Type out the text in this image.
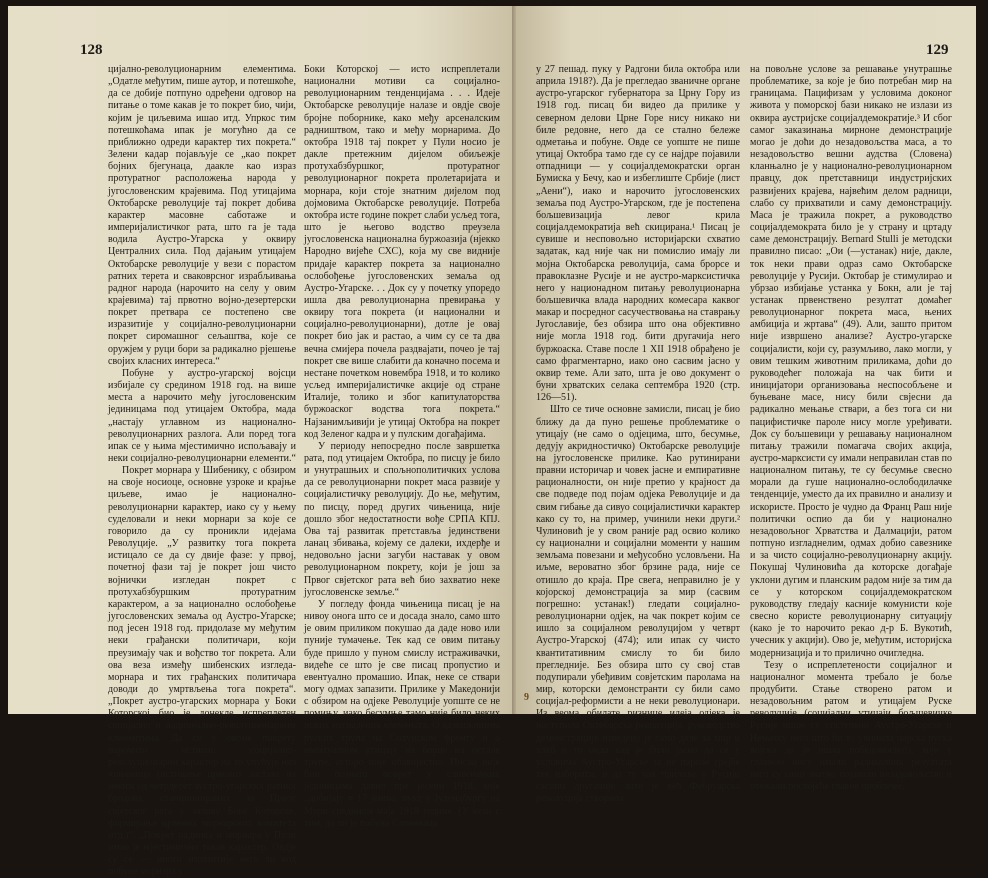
128

цијално-револуционарним елементима. „Одатле међутим, пише аутор, и потешкоће, да се добије потпуно одређени одговор на питање о томе какав је то покрет био, чији, којим је циљевима ишао итд. Упркос тим потешкоћама ипак је могућно да се приближно одреди карактер тих покрета.“ Зелени кадар појављује се „као покрет бојних бјегунаца, даакле као израз протуратног расположења народа у југословенским крајевима. Под утицајима Октобарске револуције тај покрет добива карактер масовне саботаже и империјалистичког рата, што га је тада водила Аустро-Угарска у оквиру Централних сила. Под дајањим утицајем Октобарске револуције у вези с порастом ратних терета и сваковрсног израбљивања радног народа (нарочито на селу у овим крајевима) тај првотно војно-дезертерски покрет претвара се постепено све изразитије у социјално-револуционарни покрет сиромашног сељаштва, које се оружјем у руци бори за радикално рјешење својих класних интереса.“

Побуне у аустро-угарској војсци избијале су средином 1918 год. на више места а нарочито међу југословенским јединицама под утицајем Октобра, мада „настају углавном из национално-револуционарних разлога. Али поред тога ипак се у њима мјестимично испољавају и неки социјално-револуционарни елементи.“

Покрет морнара у Шибенику, с обзиром на своје носиоце, основне узроке и крајње циљеве, имао је национално-револуционарни карактер, иако су у њему суделовали и неки морнари за које се говорило да су проникли идејама Револуције. „У развитку тога покрета истицало се да су двије фазе: у првој, почетној фази тај је покрет још чисто војнички изгледан покрет с протухабзбуршким протуратним карактером, а за национално ослобођење југословенских земаља од Аустро-Угарске; под јесен 1918 год. придолазе му међутим неки грађански политичари, који преузимају чак и вођство тог покрета. Али ова веза између шибенских изгледа-морнара и тих грађанских политичара доводи до умртвљења тога покрета“. „Покрет аустро-угарских морнара у Боки Которској био је донекле испреплетен социјално и национално-револуционарним елементима. Да се у овоме покрету нарочито истицао социјално-револуционарни карактер на то упућује низ чињеница (истицање црвених застава на неким од четрдесет аустро-угарских ратних бродова, станционираних за Првог свјетског рата у заливу Боке Которске, формирање црвених морнарских комитета итд.)“. „Покрет радника и морнара у Пули имао је мјестимично такав карактер. Овдје су се — много изразитије него ли код побуне морнара у

Боки Которској — исто испреплетали национални мотиви са социјално-револуционарним тенденцијама . . . Идеје Октобарске револуције налазе и овдје своје бројне поборнике, како међу арсеналским радништвом, тако и међу морнарима. До октобра 1918 тај покрет у Пули носио је даклe претежним дијелом обиљежје протухабзбуршког, протуратног револуционарног покрета пролетаријата и морнара, који стоје знатним дијелом под дојмовима Октобарске револуције. Потреба октобра исте године покрет слаби усљед тога, што је његово водство преузела југословенска национална буржоазија (нјекко Народно вијеће СХС), која му све видније придаје карактер покрета за национално ослобођење југословенских земаља од Аустро-Угарске. . . Док су у почетку упоредо ишла два револуционарна превирања у оквиру тога покрета (и национални и социјално-револуционарни), дотле је овај покрет био јак и растао, а чим су се та два вечна смијера почела раздвајати, почео је тај покрет све више слабити да коначно посема и нестане почетком новембра 1918, и то колико усљед империјалистичке акције од стране Италије, толико и због капитулаторства буржоаског водства тога покрета.“ Најзанимљивији је утицај Октобра на покрет код Зеленог кадра и у пулским догађајима.

У периоду непосредно после завршетка рата, под утицајем Октобра, по писцу је било и унутрашњих и спољнополитичких услова да се револуционарни покрет маса развије у социјалистичку револуцију. До ње, међутим, по писцу, поред других чињеница, није дошло због недостатности вође СРПА КПЈ. Ова тај развитак претставља јединствени ланац збивања, којему се далеки, ихдерђе и недовољно јасни загуби наставак у овом револуционарном покрету, који је још за Првог свјетског рата већ био захватио неке југословенске земље.“

У погледу фонда чињеница писац је на нивоу онога што се и досада знало, само што је овим приликом покушао да даде ново или пуније тумачење. Тек кад се овим питању буде пришло у пуном смислу истраживачки, видеће се што је све писац пропустио и евентуално промашио. Ипак, неке се ствари могу одмах запазити. Прилике у Македонији с обзиром на одјеке Револуције уопште се не помињу, иако бесумње тамо није било неких нових нагнадених елемената. О одзвињинима руских трупа на Солунском фронту и о евентуалном утицају на борце на остале трупе, ауторо није обавијестио. Писац није био познато поврет у словеначких јединицама давно пре јесени 1918, које „добијају ≡ 17 јенша, пуку у Јудендбургу на Мури средином маја 1918 године. (У вези с тим, да ли је побуна Словенаца

129

у 27 пешад. пуку у Радгони била октобра или априла 1918?). Да је прегледао званичне органе аустро-угарског губернатора за Црну Гору из 1918 год. писац би видео да прилике у северном делови Црне Горе нису никако ни биле редовне, него да се стално бележе одметања и побуне. Овде се уопште не пише утицај Октобра тамо где су се најдре појавили отпадници — у социјалдемократски орган Бумиска у Бечу, као и избеглиште Србије (лист „Аени“), иако и нарочито југословенских земаља под Аустро-Угарском, где је постепена бољшевизација левог крила социјалдемократија већ скицирана.¹ Писац је сувише и несповољно историјарски схватио задатак, кад није чак ни помислио имају ли мојна Октобарска револуција, сама брорсе и правоклазне Русије и не аустро-марксистичка него у национадном питању револуционарна бољшевичка влада народних комесара каквог макар и посредног сасучествовања на ставрању Југославије, без обзира што она објективно није могла 1918 год. бити другачија него буржоаска. Ставе после 1 XII 1918 обрађено је само фрагментарно, иако оно сасвим јасно у оквир теме. Али зато, шта је ово документ о буни хрватских селака септембра 1920 (стр. 126—51).

Што се тиче основне замисли, писац је био ближу да да пуно решење проблематике о утицају (не само о одјецима, што, бесумње, дедују акридностичко) Октобарске револуције на југословенске прилике. Као рутинирани правни историчар и човек јасне и емпиративне рационалности, он није претио у крајност да све подведе под појам одјека Револуције и да свим гибање да сивуо социјалистички карактер како су то, на пример, учинили неки други.² Чулиновић је у свом раније рад освио колико су национални и социјални моменти у нашим земљама повезани и међусобно условљени. На иљме, вероватно због брзине рада, није се отишло до краја. Пре свега, неправилно је у којорској демонстрација за мир (сасвим погрешно: устанак!) гледати социјално-револуционарни одјек, на чак покрет којим се ишло за социјалном револуцијом у четврт Аустро-Угарској (474); или ипак су чисто квантитативним смислу то би било прегледније. Без обзира што су свој став подупирали убеђивим совјетским паролама на мир, которски демонстранти су били само социјал-реформисти а не неки револуционари. Из веома обилате ризнице идеја одјека је наступила Октобарска револуција, руководство демонстрације изведено је само деле за мир и хлеб и то онда кад је било јасно да се у условима Аустро-Угарске за не пароле грејбе тек изборити, и да ту чак прилике у Русији сасвим другачије, што је већ Фебруарска револуција створила

на повољне услове за решавање унутрашње проблематике, за које је био потребан мир на границама. Пацифизам у условима доконог живота у поморској бази никако не излази из оквира аустријске социјалдемократије.³ И сбог самог заказинања мирнoне демонстрације могао је доћи до незадовољства маса, а то незадовољство вешни аудства (Словена) кланњално је у национално-револуционарном правцу, док претставници индустријских развијених крајева, највећим делом радници, слабо су прихватили и саму демонстрацију. Маса је тражила покрет, а руководство социјалдемократа било је у страну и цртаду саме демонстрацију. Bernard Stulli је методски правилно писао: „Ои (—устанак) није, дакле, ток неки прави одраз само Октобарске револуције у Русији. Октобар је стимулирао и убрзао избијање устанка у Бокн, али је тај устанак првенствено резултат домаћег револуционарног покрета маса, њених амбиција и жртава“ (49). Али, зашто притом није извршено анализе? Аустро-угарскe социјалисти, који су, разумљиво, лако могли, у овим тешким животним приликама, доћи до руководећег положаја на чак бити и иницијатори организовања неспособљене и буњеване масе, нису били свјесни да радикално мењање ствари, а без тога си ни пацифистичке пароле нису могле уређивати. Док су бољшевици у решавању националном питању тражили помагача своjих акција, аустро-марксисти су имали неправилан став по националном питању, те су бесумње свесно морали да гуше национално-ослободилачке тенденције, уместо да их правилно и анализу и искористе. Просто је чудно да Франц Раш није политички оспио да би у национално незадовољног Хрватства и Далмацији, ратом потпуно изгладнелим, одмах добио савезнике и за чисто социјално-револуционарну акцију. Покушај Чулиновића да которске догађаје уклони дугим и планским радом ниjе за тим да се у которском социјалдемократском руководству гледају касније комунисти које свесно користе револуционарну ситуацију (како је то нарочито рекао д-р Б. Вукотић, учесник у акцији). Ово је, међутим, историјска модернизација и то прилично очигледна.

Тезу о испреплетености социјалног и националног момента требало је боље продубити. Стање створено ратом и незадовољним ратом и утицајем Руске револуције (социјални утицаји бољшевичке Русије нише су опстепени Аустро-Угарске и Немачку него што би то учинила царска руска војска да је ишла победоносно!), које у главном нису имали радикалних резултата него су само знатно појачали незадовољство и отежали постојеће главне проблеме,

9
